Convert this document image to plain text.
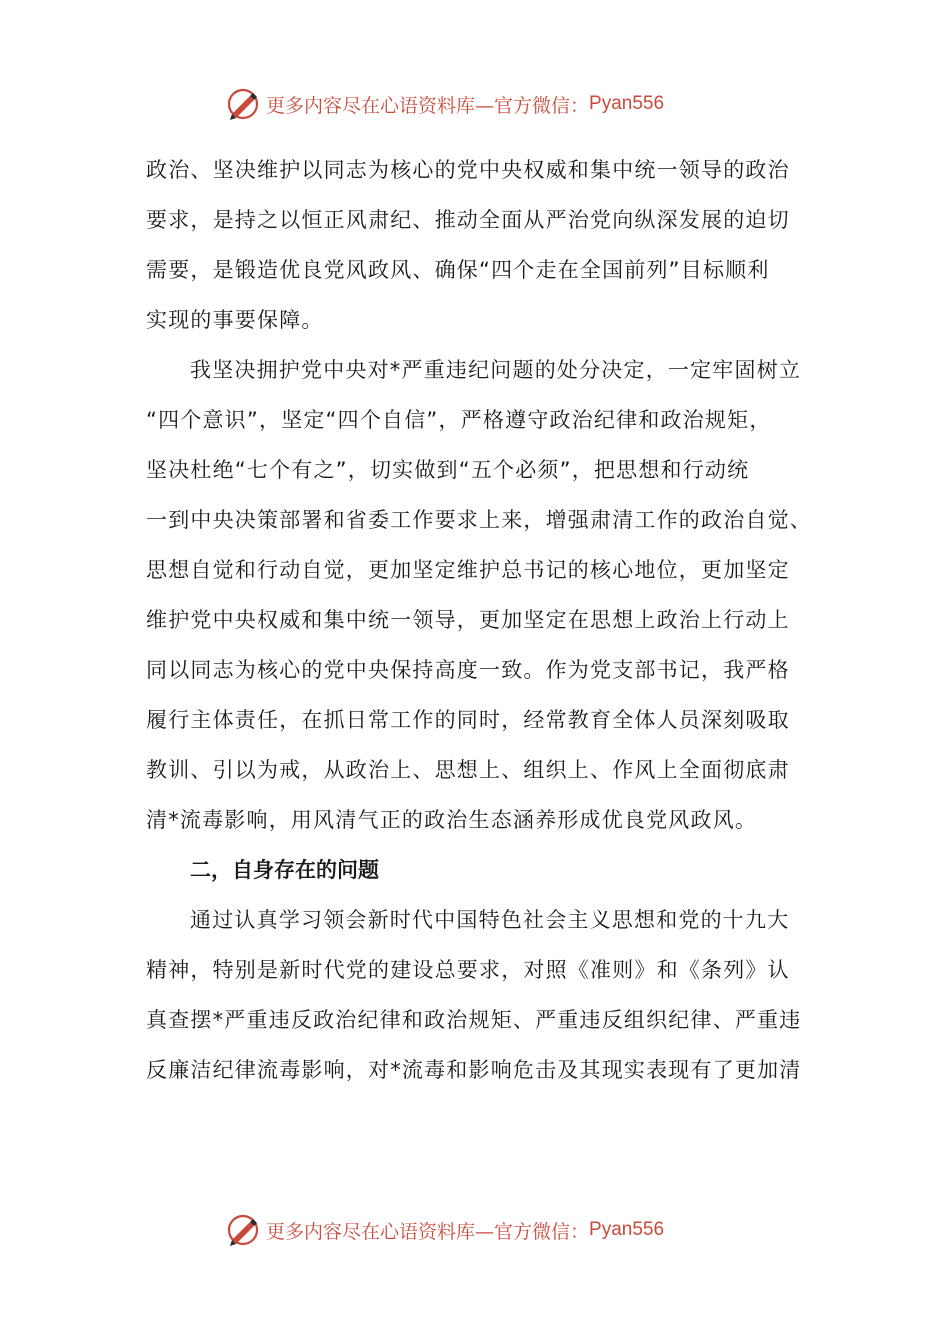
更多内容尽在心语资料库—官方微信： Pyan556
政治、坚决维护以同志为核心的党中央权威和集中统一领导的政治
要求，是持之以恒正风肃纪、推动全面从严治党向纵深发展的迫切
需要，是锻造优良党风政风、确保“四个走在全国前列”目标顺利
实现的事要保障。
我坚决拥护党中央对*严重违纪问题的处分决定，一定牢固树立
“四个意识”，坚定“四个自信”，严格遵守政治纪律和政治规矩，
坚决杜绝“七个有之”，切实做到“五个必须”，把思想和行动统
一到中央决策部署和省委工作要求上来，增强肃清工作的政治自觉、
思想自觉和行动自觉，更加坚定维护总书记的核心地位，更加坚定
维护党中央权威和集中统一领导，更加坚定在思想上政治上行动上
同以同志为核心的党中央保持高度一致。作为党支部书记，我严格
履行主体责任，在抓日常工作的同时，经常教育全体人员深刻吸取
教训、引以为戒，从政治上、思想上、组织上、作风上全面彻底肃
清*流毒影响，用风清气正的政治生态涵养形成优良党风政风。
二，自身存在的问题
通过认真学习领会新时代中国特色社会主义思想和党的十九大
精神，特别是新时代党的建设总要求，对照《准则》和《条列》认
真查摆*严重违反政治纪律和政治规矩、严重违反组织纪律、严重违
反廉洁纪律流毒影响，对*流毒和影响危击及其现实表现有了更加清
更多内容尽在心语资料库—官方微信： Pyan556
